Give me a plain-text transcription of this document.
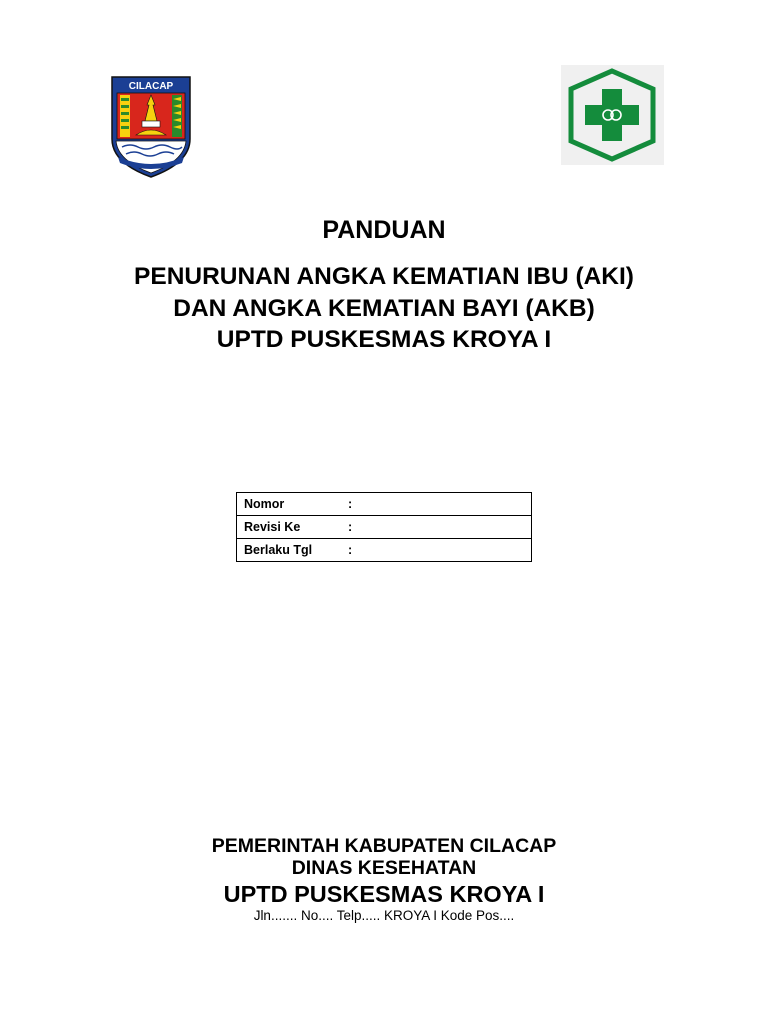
CILACAP
PANDUAN
PENURUNAN ANGKA KEMATIAN IBU (AKI)
DAN ANGKA KEMATIAN BAYI (AKB)
UPTD PUSKESMAS KROYA I
Nomor	:	
Revisi Ke	:	
Berlaku Tgl	:	
PEMERINTAH KABUPATEN CILACAP
DINAS KESEHATAN
UPTD PUSKESMAS KROYA I
Jln....... No.... Telp..... KROYA I Kode Pos....
